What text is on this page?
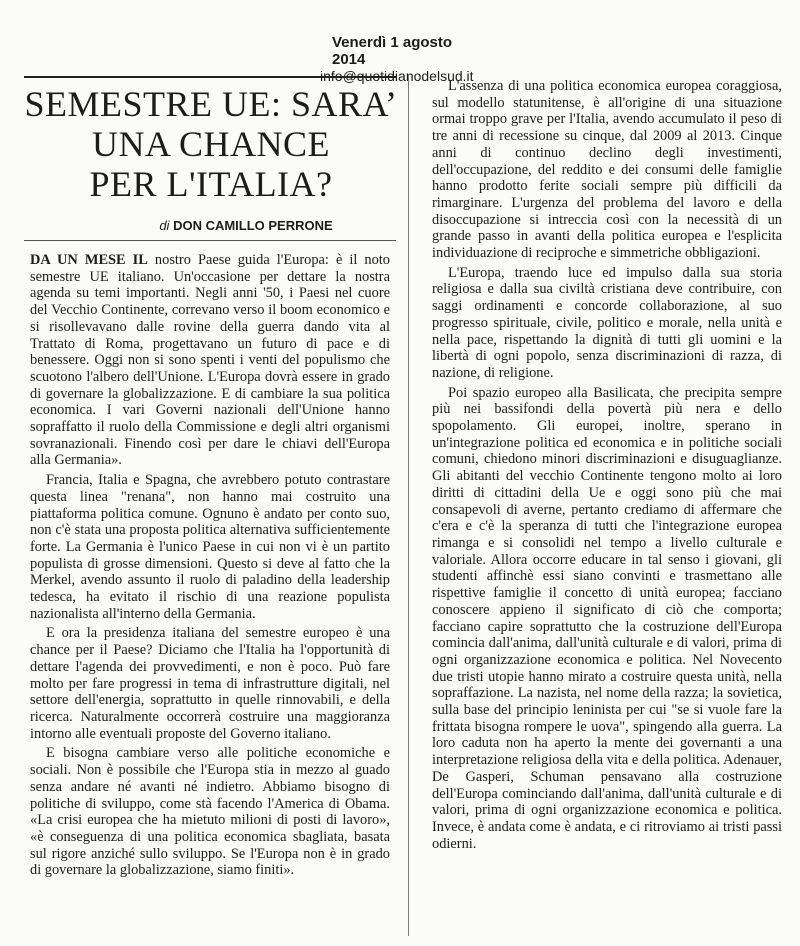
Venerdì 1 agosto 2014
info@quotidianodelsud.it
SEMESTRE UE: SARA’
UNA CHANCE
PER L'ITALIA?
di DON CAMILLO PERRONE

DA UN MESE IL nostro Paese guida l'Europa: è il noto semestre UE italiano. Un'occasione per dettare la nostra agenda su temi importanti. Negli anni '50, i Paesi nel cuore del Vecchio Continente, correvano verso il boom economico e si risollevavano dalle rovine della guerra dando vita al Trattato di Roma, progettavano un futuro di pace e di benessere. Oggi non si sono spenti i venti del populismo che scuotono l'albero dell'Unione. L'Europa dovrà essere in grado di governare la globalizzazione. E di cambiare la sua politica economica. I vari Governi nazionali dell'Unione hanno sopraffatto il ruolo della Commissione e degli altri organismi sovranazionali. Finendo così per dare le chiavi dell'Europa alla Germania».

Francia, Italia e Spagna, che avrebbero potuto contrastare questa linea "renana", non hanno mai costruito una piattaforma politica comune. Ognuno è andato per conto suo, non c'è stata una proposta politica alternativa sufficientemente forte. La Germania è l'unico Paese in cui non vi è un partito populista di grosse dimensioni. Questo si deve al fatto che la Merkel, avendo assunto il ruolo di paladino della leadership tedesca, ha evitato il rischio di una reazione populista nazionalista all'interno della Germania.

E ora la presidenza italiana del semestre europeo è una chance per il Paese? Diciamo che l'Italia ha l'opportunità di dettare l'agenda dei provvedimenti, e non è poco. Può fare molto per fare progressi in tema di infrastrutture digitali, nel settore dell'energia, soprattutto in quelle rinnovabili, e della ricerca. Naturalmente occorrerà costruire una maggioranza intorno alle eventuali proposte del Governo italiano.

E bisogna cambiare verso alle politiche economiche e sociali. Non è possibile che l'Europa stia in mezzo al guado senza andare né avanti né indietro. Abbiamo bisogno di politiche di sviluppo, come stà facendo l'America di Obama. «La crisi europea che ha mietuto milioni di posti di lavoro», «è conseguenza di una politica economica sbagliata, basata sul rigore anziché sullo sviluppo. Se l'Europa non è in grado di governare la globalizzazione, siamo finiti».

L'assenza di una politica economica europea coraggiosa, sul modello statunitense, è all'origine di una situazione ormai troppo grave per l'Italia, avendo accumulato il peso di tre anni di recessione su cinque, dal 2009 al 2013. Cinque anni di continuo declino degli investimenti, dell'occupazione, del reddito e dei consumi delle famiglie hanno prodotto ferite sociali sempre più difficili da rimarginare. L'urgenza del problema del lavoro e della disoccupazione si intreccia così con la necessità di un grande passo in avanti della politica europea e l'esplicita individuazione di reciproche e simmetriche obbligazioni.

L'Europa, traendo luce ed impulso dalla sua storia religiosa e dalla sua civiltà cristiana deve contribuire, con saggi ordinamenti e concorde collaborazione, al suo progresso spirituale, civile, politico e morale, nella unità e nella pace, rispettando la dignità di tutti gli uomini e la libertà di ogni popolo, senza discriminazioni di razza, di nazione, di religione.

Poi spazio europeo alla Basilicata, che precipita sempre più nei bassifondi della povertà più nera e dello spopolamento. Gli europei, inoltre, sperano in un'integrazione politica ed economica e in politiche sociali comuni, chiedono minori discriminazioni e disuguaglianze. Gli abitanti del vecchio Continente tengono molto ai loro diritti di cittadini della Ue e oggi sono più che mai consapevoli di averne, pertanto crediamo di affermare che c'era e c'è la speranza di tutti che l'integrazione europea rimanga e si consolidi nel tempo a livello culturale e valoriale. Allora occorre educare in tal senso i giovani, gli studenti affinchè essi siano convinti e trasmettano alle rispettive famiglie il concetto di unità europea; facciano conoscere appieno il significato di ciò che comporta; facciano capire soprattutto che la costruzione dell'Europa comincia dall'anima, dall'unità culturale e di valori, prima di ogni organizzazione economica e politica. Nel Novecento due tristi utopie hanno mirato a costruire questa unità, nella sopraffazione. La nazista, nel nome della razza; la sovietica, sulla base del principio leninista per cui "se si vuole fare la frittata bisogna rompere le uova", spingendo alla guerra. La loro caduta non ha aperto la mente dei governanti a una interpretazione religiosa della vita e della politica. Adenauer, De Gasperi, Schuman pensavano alla costruzione dell'Europa cominciando dall'anima, dall'unità culturale e di valori, prima di ogni organizzazione economica e politica. Invece, è andata come è andata, e ci ritroviamo ai tristi passi odierni.
